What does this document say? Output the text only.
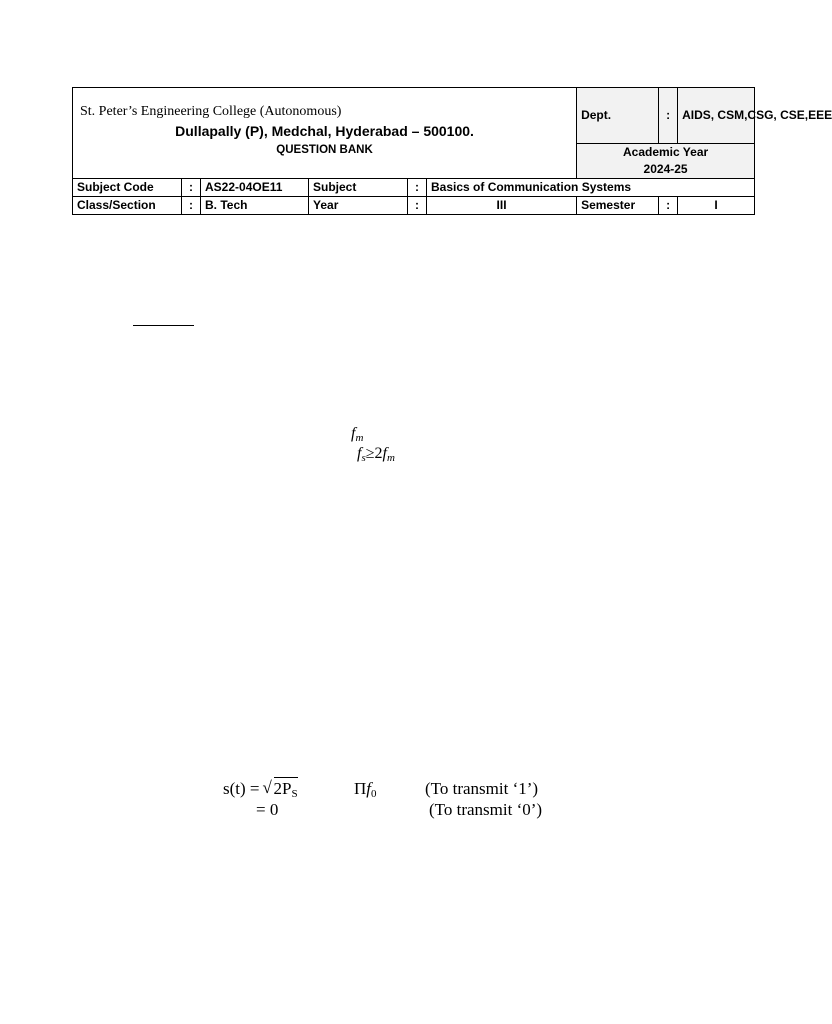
St. Peter’s Engineering College (Autonomous)
Dullapally (P), Medchal, Hyderabad – 500100.
QUESTION BANK						Dept.	:	AIDS, CSM,CSG, CSE,EEE

						Academic Year
2024-25		

Subject Code	:	AS22-04OE11	Subject	:	Basics of Communication Systems			
Class/Section	:	B. Tech	Year	:	III	Semester	:	I
$f_m$
$f_s\ge 2f_m$
s(t) = √ $2P_S$	$\Pi f_0$	(To transmit ‘1’)
= 0	(To transmit ‘0’)
